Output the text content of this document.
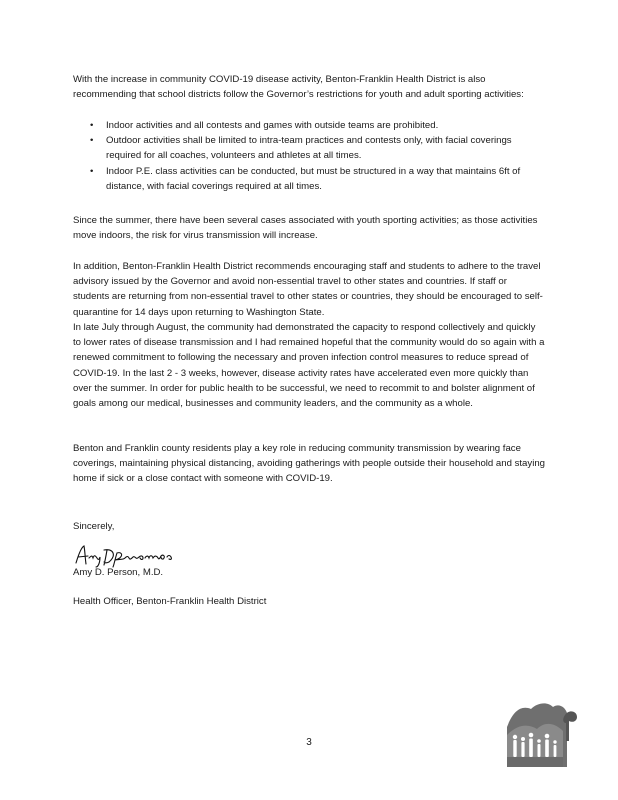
With the increase in community COVID-19 disease activity, Benton-Franklin Health District is also recommending that school districts follow the Governor’s restrictions for youth and adult sporting activities:

• Indoor activities and all contests and games with outside teams are prohibited.
• Outdoor activities shall be limited to intra-team practices and contests only, with facial coverings required for all coaches, volunteers and athletes at all times.
• Indoor P.E. class activities can be conducted, but must be structured in a way that maintains 6ft of distance, with facial coverings required at all times.

Since the summer, there have been several cases associated with youth sporting activities; as those activities move indoors, the risk for virus transmission will increase.

In addition, Benton-Franklin Health District recommends encouraging staff and students to adhere to the travel advisory issued by the Governor and avoid non-essential travel to other states and countries. If staff or students are returning from non-essential travel to other states or countries, they should be encouraged to self-quarantine for 14 days upon returning to Washington State.

In late July through August, the community had demonstrated the capacity to respond collectively and quickly to lower rates of disease transmission and I had remained hopeful that the community would do so again with a renewed commitment to following the necessary and proven infection control measures to reduce spread of COVID-19. In the last 2 - 3 weeks, however, disease activity rates have accelerated even more quickly than over the summer. In order for public health to be successful, we need to recommit to and bolster alignment of goals among our medical, businesses and community leaders, and the community as a whole.

Benton and Franklin county residents play a key role in reducing community transmission by wearing face coverings, maintaining physical distancing, avoiding gatherings with people outside their household and staying home if sick or a close contact with someone with COVID-19.

Sincerely,

Amy D. Person, M.D.

Health Officer, Benton-Franklin Health District

3
